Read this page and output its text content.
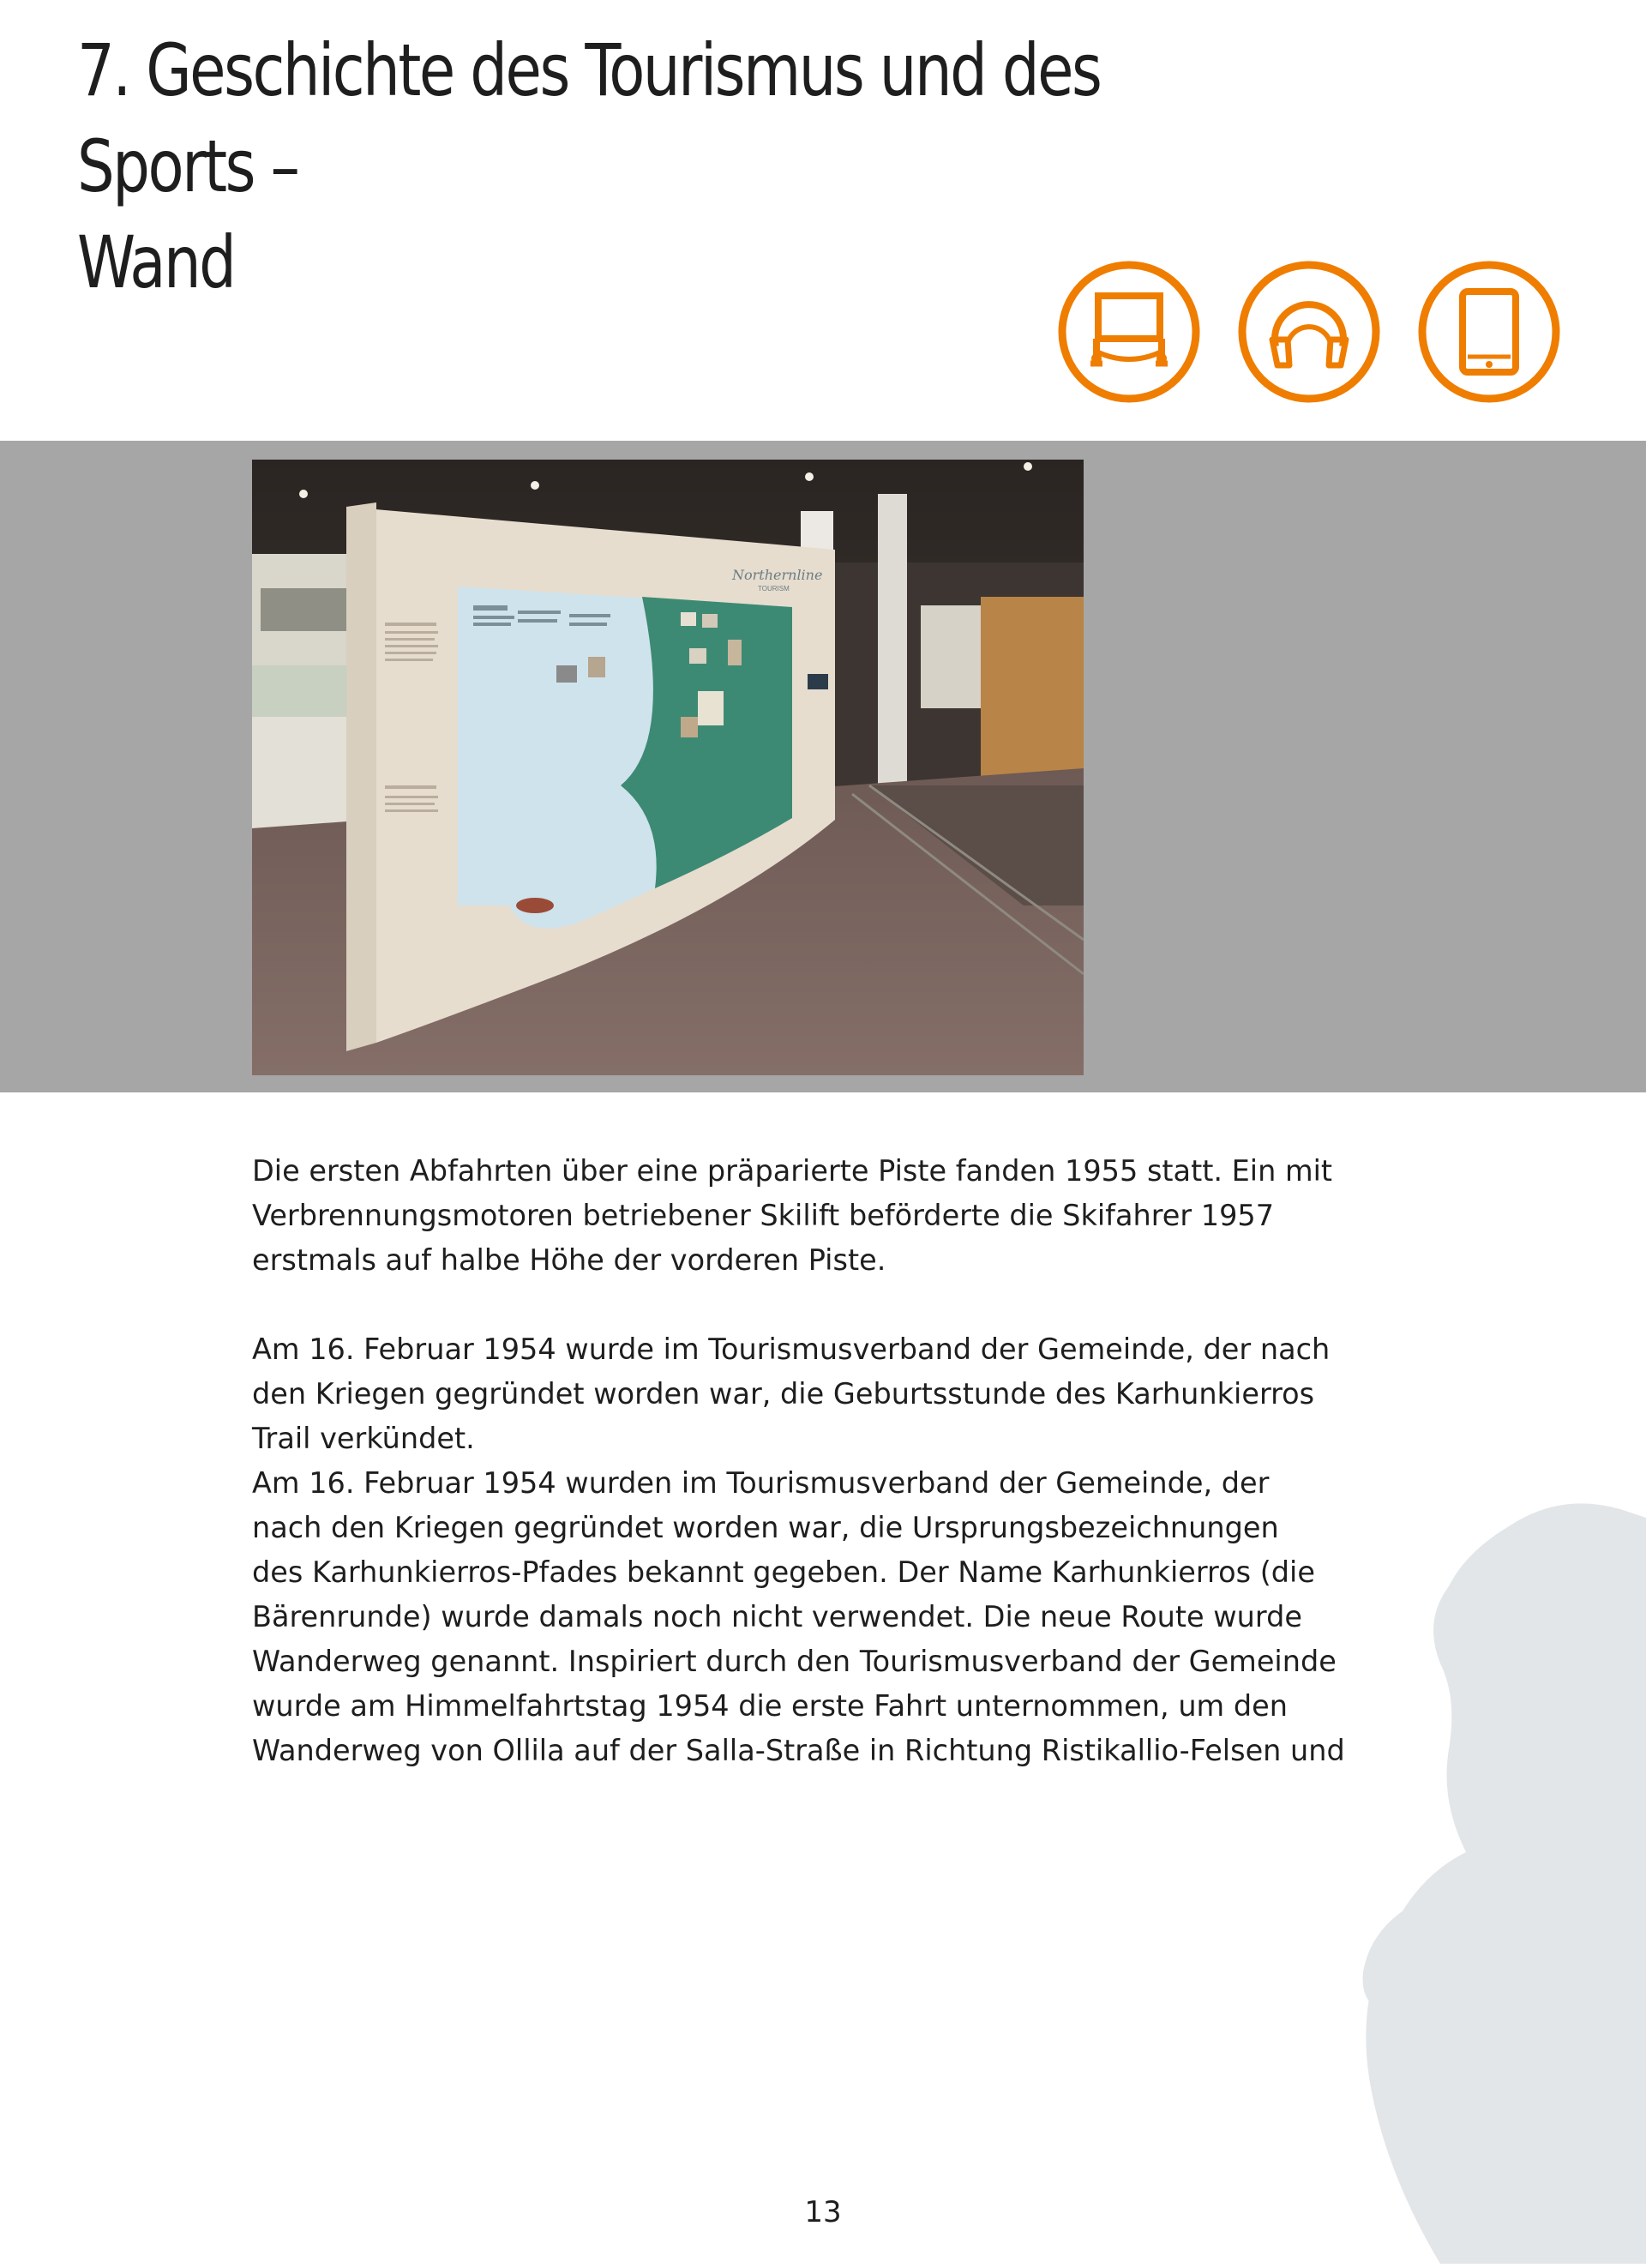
7. Geschichte des Tourismus und des Sports –
Wand
Northernline
TOURISM

Die ersten Abfahrten über eine präparierte Piste fanden 1955 statt. Ein mit
Verbrennungsmotoren betriebener Skilift beförderte die Skifahrer 1957
erstmals auf halbe Höhe der vorderen Piste.

Am 16. Februar 1954 wurde im Tourismusverband der Gemeinde, der nach
den Kriegen gegründet worden war, die Geburtsstunde des Karhunkierros
Trail verkündet.

Am 16. Februar 1954 wurden im Tourismusverband der Gemeinde, der
nach den Kriegen gegründet worden war, die Ursprungsbezeichnungen
des Karhunkierros-Pfades bekannt gegeben. Der Name Karhunkierros (die
Bärenrunde) wurde damals noch nicht verwendet. Die neue Route wurde
Wanderweg genannt. Inspiriert durch den Tourismusverband der Gemeinde
wurde am Himmelfahrtstag 1954 die erste Fahrt unternommen, um den
Wanderweg von Ollila auf der Salla-Straße in Richtung Ristikallio-Felsen und

13
